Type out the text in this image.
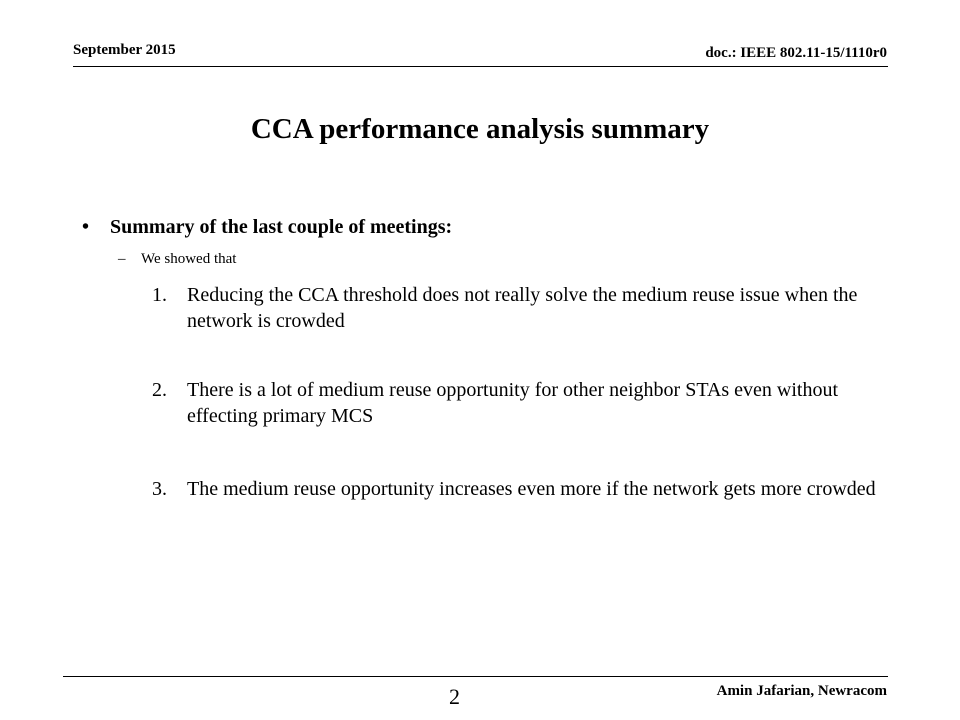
September 2015	doc.: IEEE 802.11-15/1110r0
CCA performance analysis summary
•	Summary of the last couple of meetings:
–	We showed that
1.	Reducing the CCA threshold does not really solve the medium reuse issue when the network is crowded
2.	There is a lot of medium reuse opportunity for other neighbor STAs even without effecting primary MCS
3.	The medium reuse opportunity increases even more if the network gets more crowded
2	Amin Jafarian, Newracom
